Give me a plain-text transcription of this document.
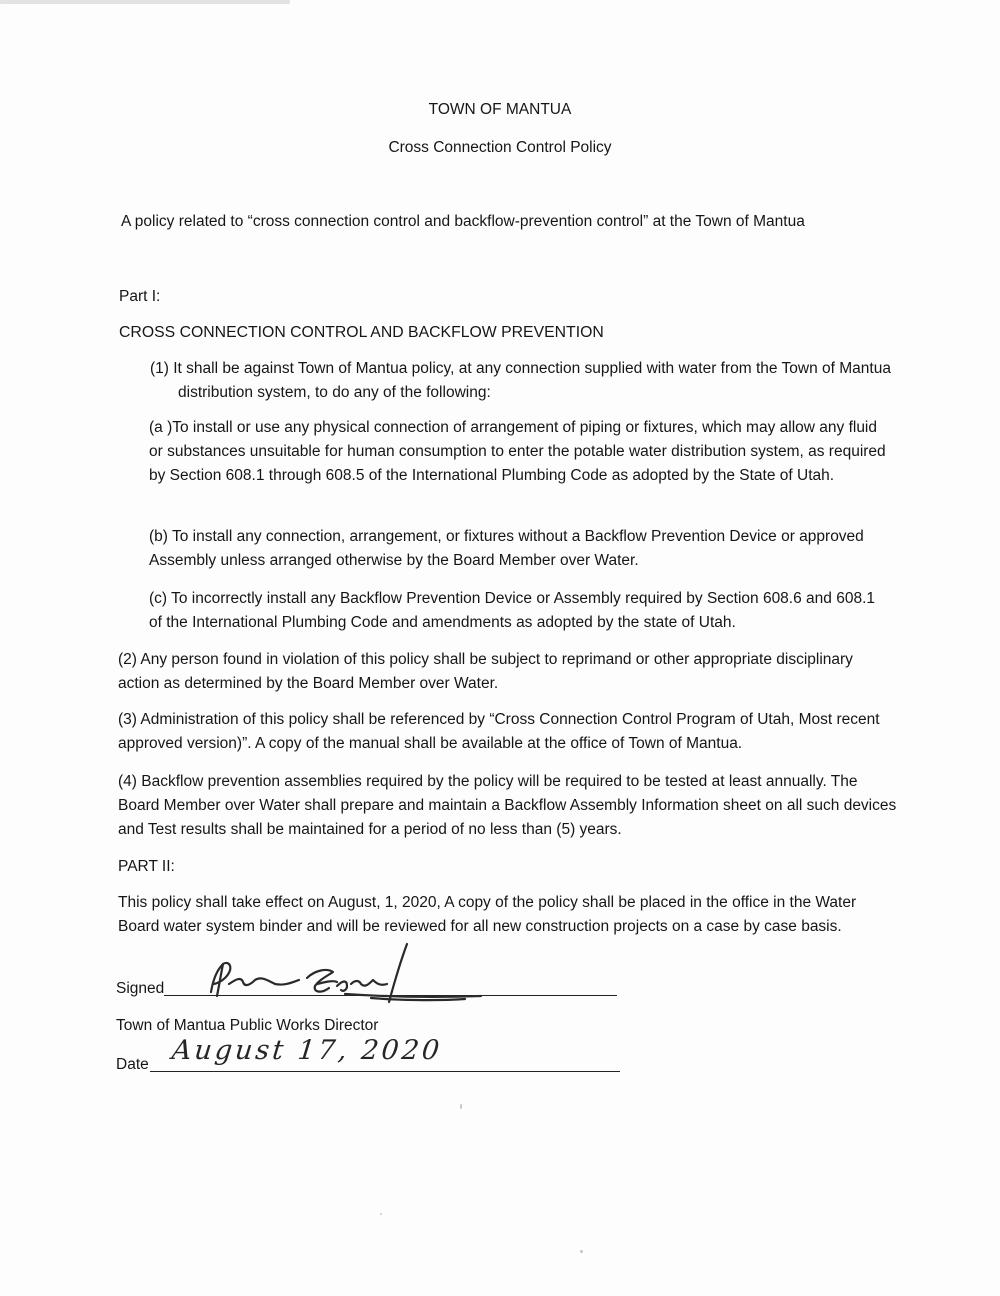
TOWN OF MANTUA
Cross Connection Control Policy
A policy related to “cross connection control and backflow-prevention control” at the Town of Mantua
Part I:
CROSS CONNECTION CONTROL AND BACKFLOW PREVENTION
(1) It shall be against Town of Mantua policy, at any connection supplied with water from the Town of Mantua distribution system, to do any of the following:
(a )To install or use any physical connection of arrangement of piping or fixtures, which may allow any fluid or substances unsuitable for human consumption to enter the potable water distribution system, as required by Section 608.1 through 608.5 of the International Plumbing Code as adopted by the State of Utah.
(b) To install any connection, arrangement, or fixtures without a Backflow Prevention Device or approved Assembly unless arranged otherwise by the Board Member over Water.
(c) To incorrectly install any Backflow Prevention Device or Assembly required by Section 608.6 and 608.1 of the International Plumbing Code and amendments as adopted by the state of Utah.
(2) Any person found in violation of this policy shall be subject to reprimand or other appropriate disciplinary action as determined by the Board Member over Water.
(3) Administration of this policy shall be referenced by “Cross Connection Control Program of Utah, Most recent approved version)”. A copy of the manual shall be available at the office of Town of Mantua.
(4) Backflow prevention assemblies required by the policy will be required to be tested at least annually. The Board Member over Water shall prepare and maintain a Backflow Assembly Information sheet on all such devices and Test results shall be maintained for a period of no less than (5) years.
PART II:
This policy shall take effect on August, 1, 2020, A copy of the policy shall be placed in the office in the Water Board water system binder and will be reviewed for all new construction projects on a case by case basis.
Signed
Town of Mantua Public Works Director
Date August 17, 2020
